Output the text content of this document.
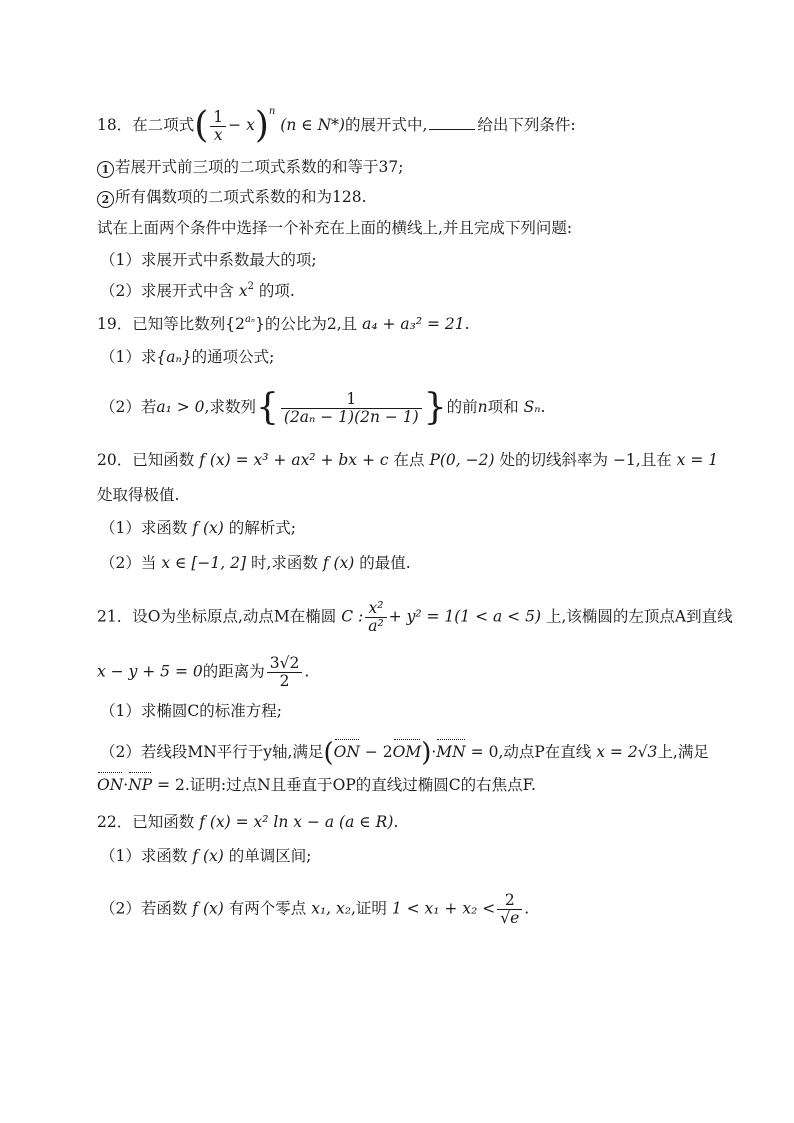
18．在二项式( $\frac{1}{x} - x)^n$ (n ∈ N*)的展开式中,	给出下列条件:
1 若展开式前三项的二项式系数的和等于37;
2 所有偶数项的二项式系数的和为128.
试在上面两个条件中选择一个补充在上面的横线上,并且完成下列问题:
（1）求展开式中系数最大的项;
（2）求展开式中含 $x^2$ 的项.
19．已知等比数列$\{2^{a_n}\}$的公比为2,且 a₄ + a₃² = 21.
（1）求{aₙ}的通项公式;
（2）若a₁ > 0,求数列{ $\frac{1}{\text{(2aₙ − 1)(2n − 1)}}$ }的前n项和 Sₙ.
20．已知函数 f (x) = x³ + ax² + bx + c 在点 P(0, −2) 处的切线斜率为 −1,且在 x = 1
处取得极值.
（1）求函数 f (x) 的解析式;
（2）当 x ∈ [−1, 2] 时,求函数 f (x) 的最值.
21．设O为坐标原点,动点M在椭圆 C : $\frac{\text{x²}}{\text{a²}} + y^2 = 1(1 < a < 5)$ 上,该椭圆的左顶点A到直线
x − y + 5 = 0的距离为 $\frac{3√2}{2}$ .
（1）求椭圆C的标准方程;
（2）若线段MN平行于y轴,满足(ON − 2OM)·MN = 0,动点P在直线 x = 2√3上,满足
ON·NP = 2.证明:过点N且垂直于OP的直线过椭圆C的右焦点F.
22．已知函数 f (x) = x² ln x − a (a ∈ R).
（1）求函数 f (x) 的单调区间;
（2）若函数 f (x) 有两个零点 x₁, x₂,证明 $1 < x_1 + x_2 < \frac{2}{√e}$ .
